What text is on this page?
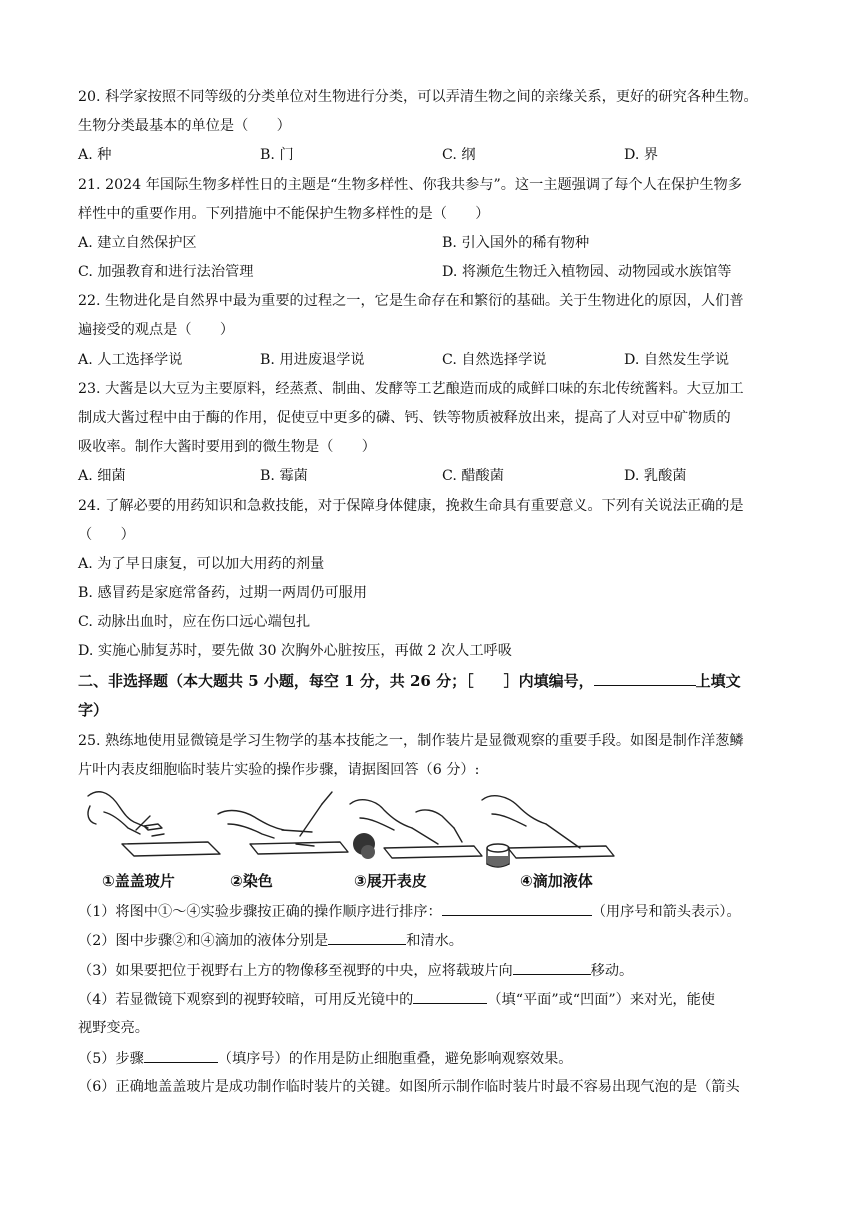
20. 科学家按照不同等级的分类单位对生物进行分类，可以弄清生物之间的亲缘关系，更好的研究各种生物。
生物分类最基本的单位是（　　）
A. 种	B. 门	C. 纲	D. 界
21. 2024 年国际生物多样性日的主题是“生物多样性、你我共参与”。这一主题强调了每个人在保护生物多
样性中的重要作用。下列措施中不能保护生物多样性的是（　　）
A. 建立自然保护区	B. 引入国外的稀有物种
C. 加强教育和进行法治管理	D. 将濒危生物迁入植物园、动物园或水族馆等
22. 生物进化是自然界中最为重要的过程之一，它是生命存在和繁衍的基础。关于生物进化的原因，人们普
遍接受的观点是（　　）
A. 人工选择学说	B. 用进废退学说	C. 自然选择学说	D. 自然发生学说
23. 大酱是以大豆为主要原料，经蒸煮、制曲、发酵等工艺酿造而成的咸鲜口味的东北传统酱料。大豆加工
制成大酱过程中由于酶的作用，促使豆中更多的磷、钙、铁等物质被释放出来，提高了人对豆中矿物质的
吸收率。制作大酱时要用到的微生物是（　　）
A. 细菌	B. 霉菌	C. 醋酸菌	D. 乳酸菌
24. 了解必要的用药知识和急救技能，对于保障身体健康，挽救生命具有重要意义。下列有关说法正确的是
（　　）
A. 为了早日康复，可以加大用药的剂量
B. 感冒药是家庭常备药，过期一两周仍可服用
C. 动脉出血时，应在伤口远心端包扎
D. 实施心肺复苏时，要先做 30 次胸外心脏按压，再做 2 次人工呼吸
二、非选择题（本大题共 5 小题，每空 1 分，共 26 分；［　　］内填编号，	上填文
字）
25. 熟练地使用显微镜是学习生物学的基本技能之一，制作装片是显微观察的重要手段。如图是制作洋葱鳞
片叶内表皮细胞临时装片实验的操作步骤，请据图回答（6 分）:
①盖盖玻片	②染色	③展开表皮	④滴加液体
（1）将图中①～④实验步骤按正确的操作顺序进行排序：	（用序号和箭头表示）。
（2）图中步骤②和④滴加的液体分别是	和清水。
（3）如果要把位于视野右上方的物像移至视野的中央，应将载玻片向	移动。
（4）若显微镜下观察到的视野较暗，可用反光镜中的	（填“平面”或“凹面”）来对光，能使
视野变亮。
（5）步骤	（填序号）的作用是防止细胞重叠，避免影响观察效果。
（6）正确地盖盖玻片是成功制作临时装片的关键。如图所示制作临时装片时最不容易出现气泡的是（箭头
